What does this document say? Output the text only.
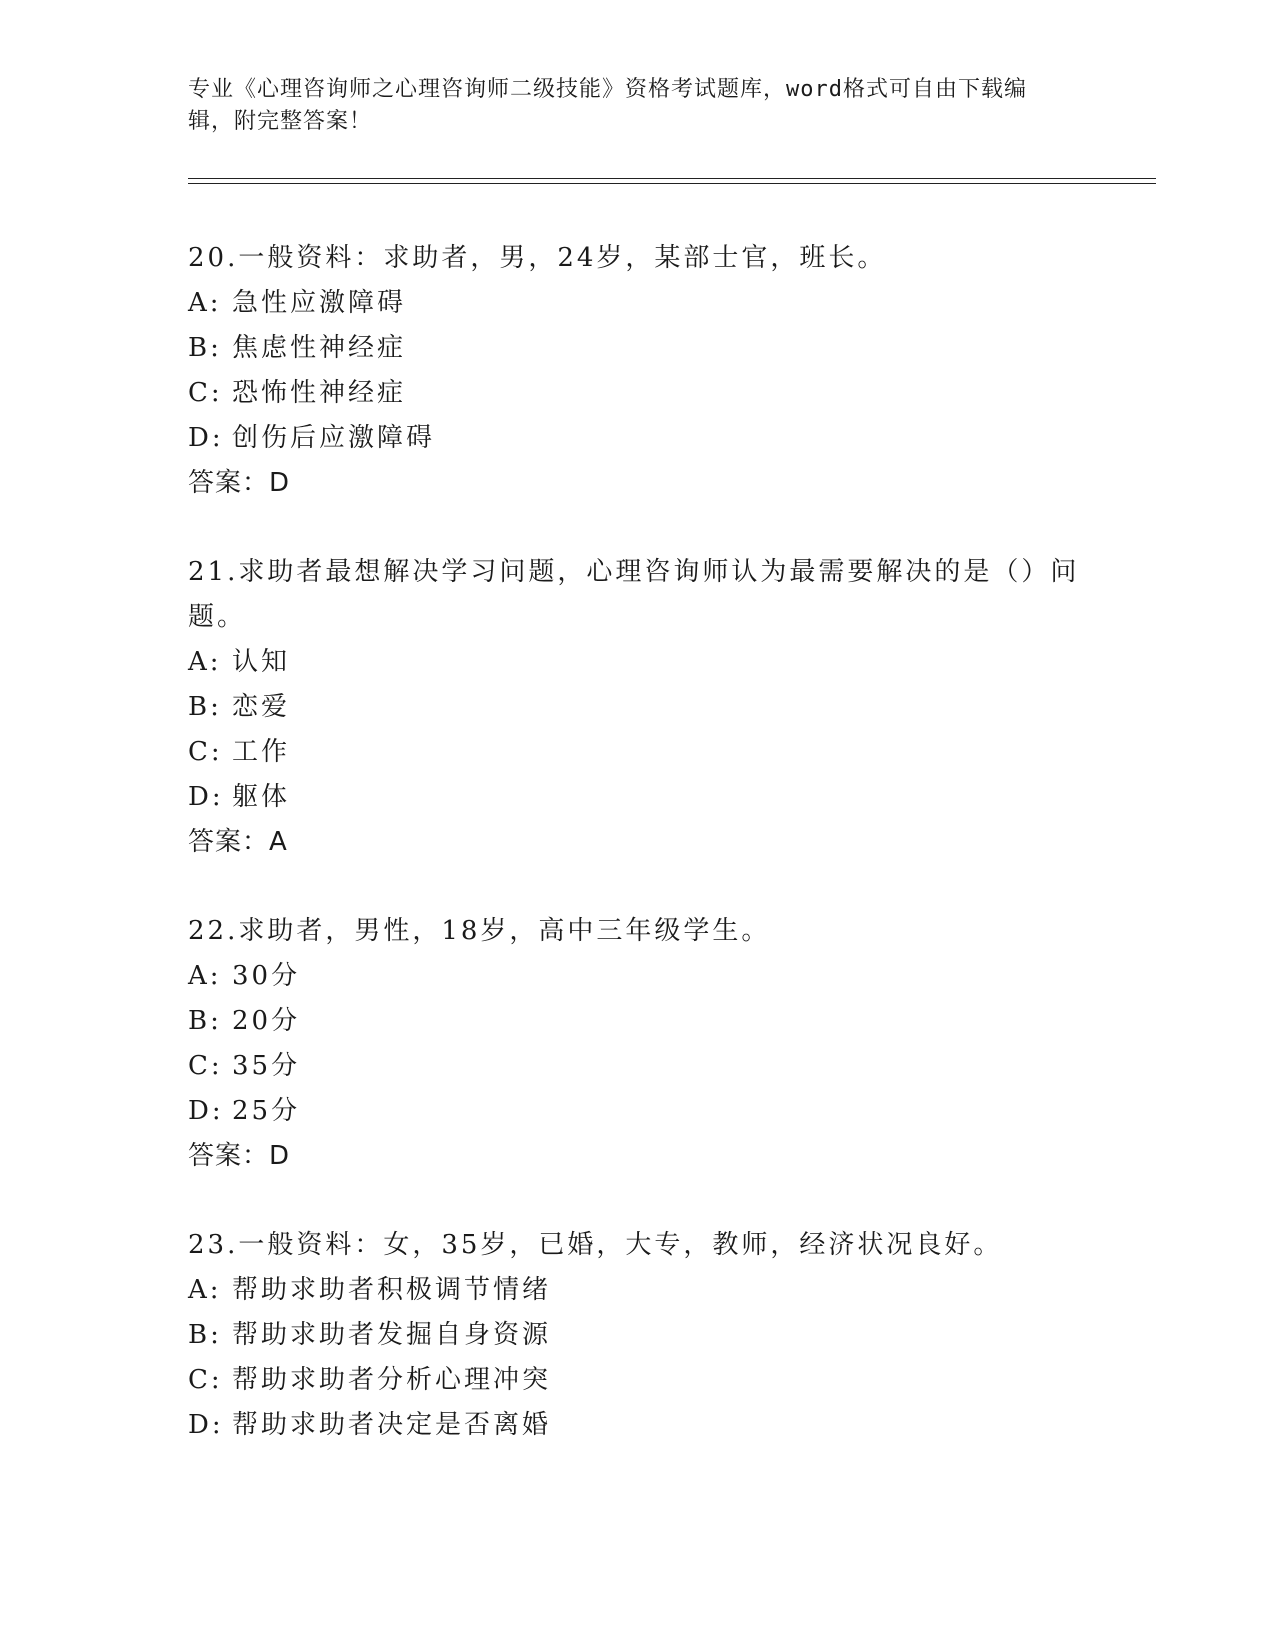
专业《心理咨询师之心理咨询师二级技能》资格考试题库，word格式可自由下载编辑，附完整答案！

20.一般资料：求助者，男，24岁，某部士官，班长。

A: 急性应激障碍

B: 焦虑性神经症

C: 恐怖性神经症

D: 创伤后应激障碍

答案：D

21.求助者最想解决学习问题，心理咨询师认为最需要解决的是（）问题。

A: 认知

B: 恋爱

C: 工作

D: 躯体

答案：A

22.求助者，男性，18岁，高中三年级学生。

A: 30分

B: 20分

C: 35分

D: 25分

答案：D

23.一般资料：女，35岁，已婚，大专，教师，经济状况良好。

A: 帮助求助者积极调节情绪

B: 帮助求助者发掘自身资源

C: 帮助求助者分析心理冲突

D: 帮助求助者决定是否离婚
